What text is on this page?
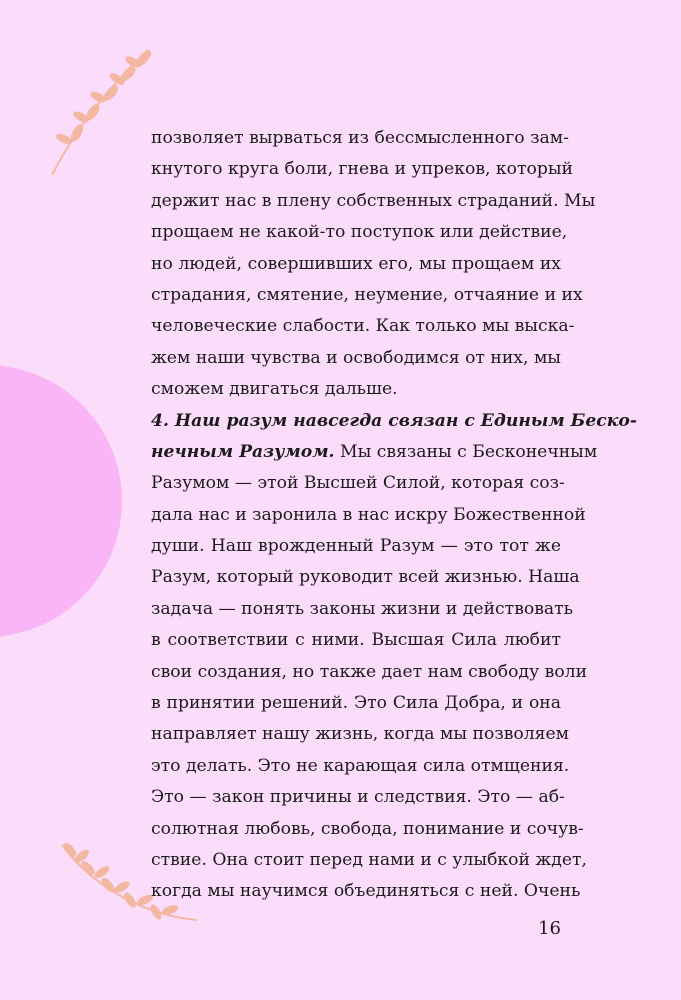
позволяет вырваться из бессмысленного зам-
кнутого круга боли, гнева и упреков, который
держит нас в плену собственных страданий. Мы
прощаем не какой-то поступок или действие,
но людей, совершивших его, мы прощаем их
страдания, смятение, неумение, отчаяние и их
человеческие слабости. Как только мы выска-
жем наши чувства и освободимся от них, мы
сможем двигаться дальше.
4. Наш разум навсегда связан с Единым Беско-
нечным Разумом. Мы связаны с Бесконечным
Разумом — этой Высшей Силой, которая соз-
дала нас и заронила в нас искру Божественной
души. Наш врожденный Разум — это тот же
Разум, который руководит всей жизнью. Наша
задача — понять законы жизни и действовать
в соответствии с ними. Высшая Сила любит
свои создания, но также дает нам свободу воли
в принятии решений. Это Сила Добра, и она
направляет нашу жизнь, когда мы позволяем
это делать. Это не карающая сила отмщения.
Это — закон причины и следствия. Это — аб-
солютная любовь, свобода, понимание и сочув-
ствие. Она стоит перед нами и с улыбкой ждет,
когда мы научимся объединяться с ней. Очень
16
